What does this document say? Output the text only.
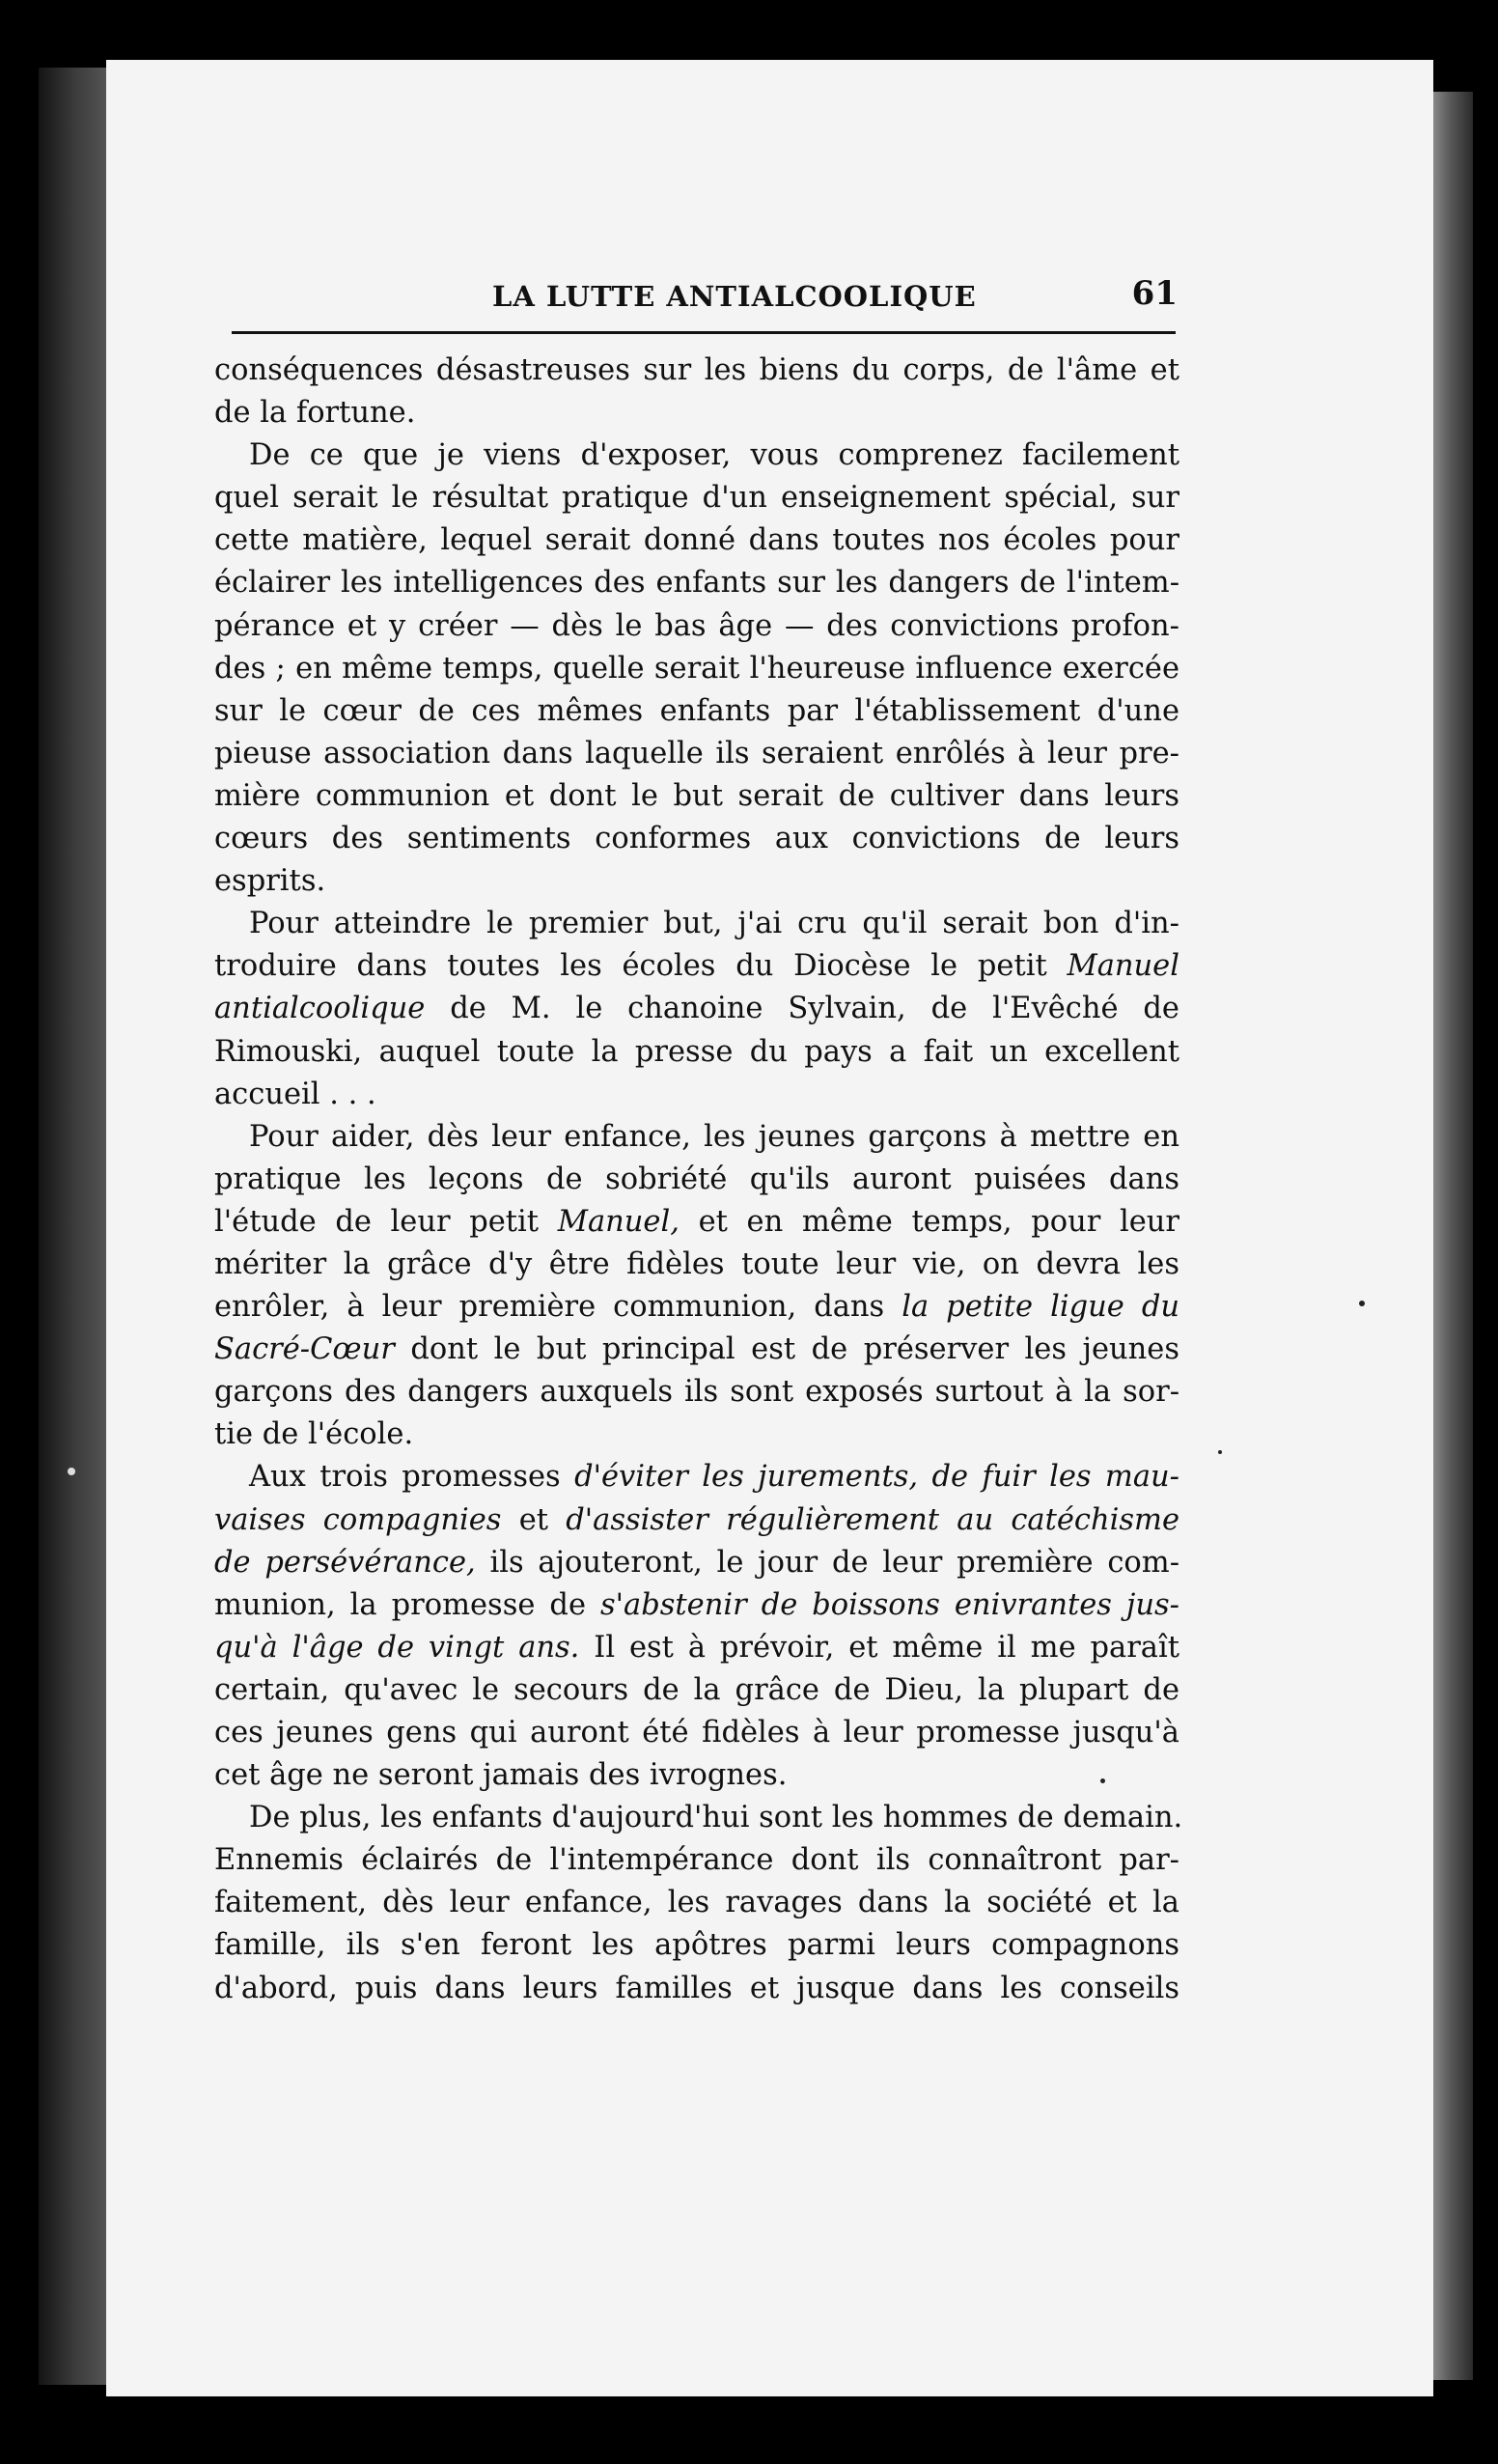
LA LUTTE ANTIALCOOLIQUE	61
conséquences désastreuses sur les biens du corps, de l'âme et
de la fortune.
De ce que je viens d'exposer, vous comprenez facilement
quel serait le résultat pratique d'un enseignement spécial, sur
cette matière, lequel serait donné dans toutes nos écoles pour
éclairer les intelligences des enfants sur les dangers de l'intem-
pérance et y créer — dès le bas âge — des convictions profon-
des ; en même temps, quelle serait l'heureuse influence exercée
sur le cœur de ces mêmes enfants par l'établissement d'une
pieuse association dans laquelle ils seraient enrôlés à leur pre-
mière communion et dont le but serait de cultiver dans leurs
cœurs des sentiments conformes aux convictions de leurs
esprits.
Pour atteindre le premier but, j'ai cru qu'il serait bon d'in-
troduire dans toutes les écoles du Diocèse le petit Manuel
antialcoolique de M. le chanoine Sylvain, de l'Evêché de
Rimouski, auquel toute la presse du pays a fait un excellent
accueil . . .
Pour aider, dès leur enfance, les jeunes garçons à mettre en
pratique les leçons de sobriété qu'ils auront puisées dans
l'étude de leur petit Manuel, et en même temps, pour leur
mériter la grâce d'y être fidèles toute leur vie, on devra les
enrôler, à leur première communion, dans la petite ligue du
Sacré-Cœur dont le but principal est de préserver les jeunes
garçons des dangers auxquels ils sont exposés surtout à la sor-
tie de l'école.
Aux trois promesses d'éviter les jurements, de fuir les mau-
vaises compagnies et d'assister régulièrement au catéchisme
de persévérance, ils ajouteront, le jour de leur première com-
munion, la promesse de s'abstenir de boissons enivrantes jus-
qu'à l'âge de vingt ans. Il est à prévoir, et même il me paraît
certain, qu'avec le secours de la grâce de Dieu, la plupart de
ces jeunes gens qui auront été fidèles à leur promesse jusqu'à
cet âge ne seront jamais des ivrognes.
De plus, les enfants d'aujourd'hui sont les hommes de demain.
Ennemis éclairés de l'intempérance dont ils connaîtront par-
faitement, dès leur enfance, les ravages dans la société et la
famille, ils s'en feront les apôtres parmi leurs compagnons
d'abord, puis dans leurs familles et jusque dans les conseils
